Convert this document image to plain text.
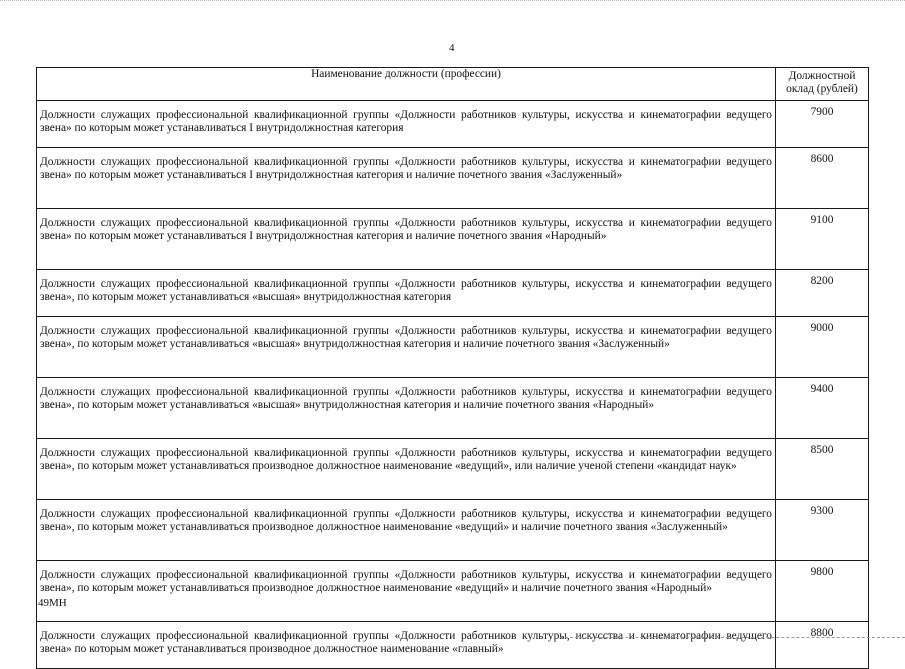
4
Наименование должности (профессии)	Должностной оклад (рублей)
Должности служащих профессиональной квалификационной группы «Должности работников культуры, искусства и кинематографии ведущего звена» по которым может устанавливаться I внутридолжностная категория	7900
Должности служащих профессиональной квалификационной группы «Должности работников культуры, искусства и кинематографии ведущего звена» по которым может устанавливаться I внутридолжностная категория и наличие почетного звания «Заслуженный»	8600
Должности служащих профессиональной квалификационной группы «Должности работников культуры, искусства и кинематографии ведущего звена» по которым может устанавливаться I внутридолжностная категория и наличие почетного звания «Народный»	9100
Должности служащих профессиональной квалификационной группы «Должности работников культуры, искусства и кинематографии ведущего звена», по которым может устанавливаться «высшая» внутридолжностная категория	8200
Должности служащих профессиональной квалификационной группы «Должности работников культуры, искусства и кинематографии ведущего звена», по которым может устанавливаться «высшая» внутридолжностная категория и наличие почетного звания «Заслуженный»	9000
Должности служащих профессиональной квалификационной группы «Должности работников культуры, искусства и кинематографии ведущего звена», по которым может устанавливаться «высшая» внутридолжностная категория и наличие почетного звания «Народный»	9400
Должности служащих профессиональной квалификационной группы «Должности работников культуры, искусства и кинематографии ведущего звена», по которым может устанавливаться производное должностное наименование «ведущий», или наличие ученой степени «кандидат наук»	8500
Должности служащих профессиональной квалификационной группы «Должности работников культуры, искусства и кинематографии ведущего звена», по которым может устанавливаться производное должностное наименование «ведущий» и наличие почетного звания «Заслуженный»	9300
Должности служащих профессиональной квалификационной группы «Должности работников культуры, искусства и кинематографии ведущего звена», по которым может устанавливаться производное должностное наименование «ведущий» и наличие почетного звания «Народный»	9800
Должности служащих профессиональной квалификационной группы «Должности работников культуры, искусства и кинематографии ведущего звена» по которым может устанавливаться производное должностное наименование «главный»	8800
49МН
